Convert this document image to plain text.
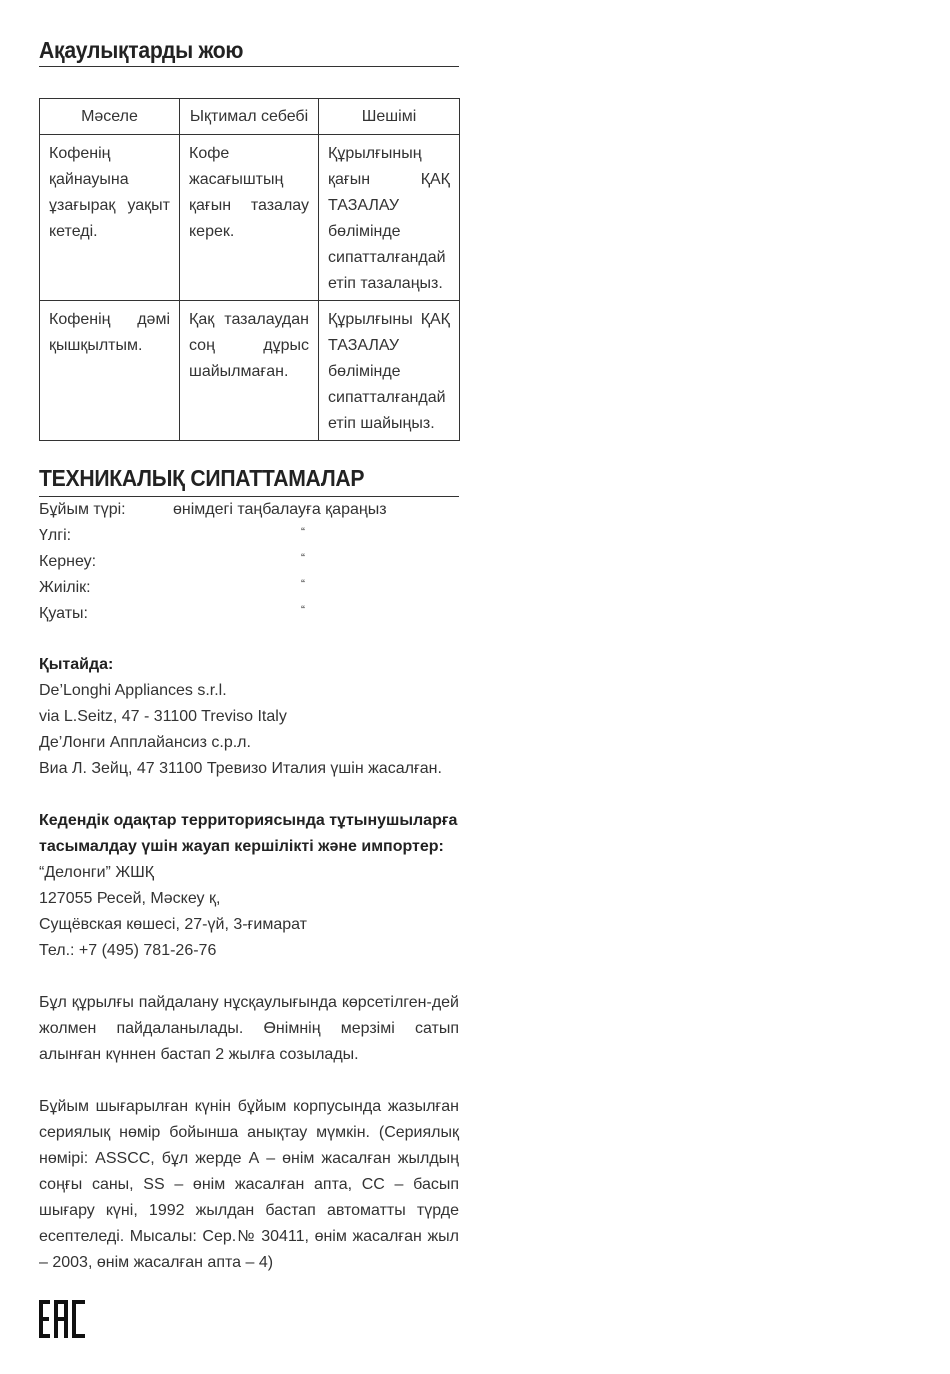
Ақаулықтарды жою
Мәселе	Ықтимал себебі	Шешімі
Кофенің қайнауына ұзағырақ уақыт кетеді.	Кофе жасағыштың қағын тазалау керек.	Құрылғының қағын ҚАҚ ТАЗАЛАУ бөлімінде сипатталғандай етіп тазалаңыз.
Кофенің дәмі қышқылтым.	Қақ тазалаудан соң дұрыс шайылмаған.	Құрылғыны ҚАҚ ТАЗАЛАУ бөлімінде сипатталғандай етіп шайыңыз.
ТЕХНИКАЛЫҚ СИПАТТАМАЛАР
Бұйым түрі:	өнімдегі таңбалауға қараңыз
Үлгі:	“
Кернеу:	“
Жиілік:	“
Қуаты:	“

Қытайда:

De’Longhi Appliances s.r.l.

via L.Seitz, 47 - 31100 Treviso Italy

Де’Лонги Апплайансиз с.р.л.

Виа Л. Зейц, 47 31100 Тревизо Италия үшін жасалған.

Кедендік одақтар территориясында тұтынушыларға

тасымалдау үшін жауап кершілікті және импортер:

“Делонги” ЖШҚ

127055 Ресей, Мәскеу қ,

Сущёвская көшесі, 27-үй, 3-ғимарат

Тел.: +7 (495) 781-26-76

Бұл құрылғы пайдалану нұсқаулығында көрсетілген-дей жолмен пайдаланылады. Өнімнің мерзімі сатып алынған күннен бастап 2 жылға созылады.
Бұйым шығарылған күнін бұйым корпусында жазылған сериялық нөмір бойынша анықтау мүмкін. (Сериялық нөмірі: ASSCC, бұл жерде А – өнім жасалған жылдың соңғы саны, SS – өнім жасалған апта, CC – басып шығару күні, 1992 жылдан бастап автоматты түрде есептеледі. Мысалы: Сер.№ 30411, өнім жасалған жыл – 2003, өнім жасалған апта – 4)
